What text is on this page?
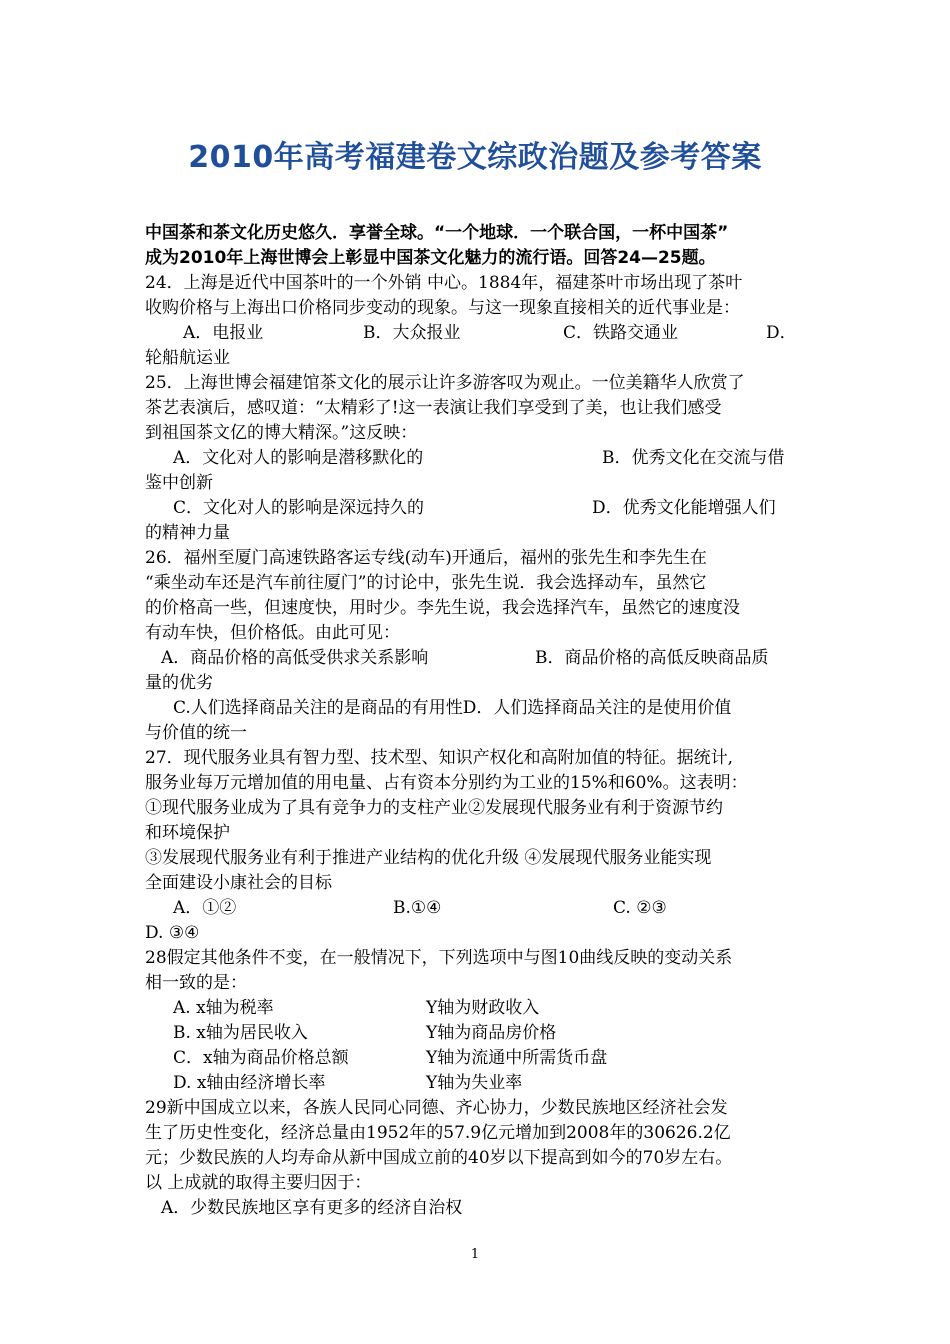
2010年高考福建卷文综政治题及参考答案
中国茶和茶文化历史悠久．享誉全球。“一个地球．一个联合国，一杯中国茶”
成为2010年上海世博会上彰显中国茶文化魅力的流行语。回答24—25题。
24．上海是近代中国茶叶的一个外销 中心。1884年，福建茶叶市场出现了茶叶
收购价格与上海出口价格同步变动的现象。与这一现象直接相关的近代事业是：
A．电报业	B．大众报业	C．铁路交通业	D．
轮船航运业
25．上海世博会福建馆茶文化的展示让许多游客叹为观止。一位美籍华人欣赏了
茶艺表演后，感叹道：“太精彩了!这一表演让我们享受到了美，也让我们感受
到祖国茶文亿的博大精深。”这反映：
A．文化对人的影响是潜移默化的	B．优秀文化在交流与借
鉴中创新
C．文化对人的影响是深远持久的	D．优秀文化能增强人们
的精神力量
26．福州至厦门高速铁路客运专线(动车)开通后，福州的张先生和李先生在
“乘坐动车还是汽车前往厦门”的讨论中，张先生说．我会选择动车，虽然它
的价格高一些，但速度快，用时少。李先生说，我会选择汽车，虽然它的速度没
有动车快，但价格低。由此可见：
A．商品价格的高低受供求关系影响	B．商品价格的高低反映商品质
量的优劣
C.人们选择商品关注的是商品的有用性D．人们选择商品关注的是使用价值
与价值的统一
27．现代服务业具有智力型、技术型、知识产权化和高附加值的特征。据统计,
服务业每万元增加值的用电量、占有资本分别约为工业的15%和60%。这表明：
①现代服务业成为了具有竞争力的支柱产业②发展现代服务业有利于资源节约
和环境保护
③发展现代服务业有利于推进产业结构的优化升级 ④发展现代服务业能实现
全面建设小康社会的目标
A．①②	B.①④	C. ②③
D. ③④
28假定其他条件不变，在一般情况下，下列选项中与图10曲线反映的变动关系
相一致的是：
A. x轴为税率	Y轴为财政收入
B. x轴为居民收入	Y轴为商品房价格
C．x轴为商品价格总额	Y轴为流通中所需货币盘
D. x轴由经济增长率	Y轴为失业率
29新中国成立以来，各族人民同心同德、齐心协力，少数民族地区经济社会发
生了历史性变化，经济总量由1952年的57.9亿元增加到2008年的30626.2亿
元；少数民族的人均寿命从新中国成立前的40岁以下提高到如今的70岁左右。
以 上成就的取得主要归因于：
A．少数民族地区享有更多的经济自治权
1
